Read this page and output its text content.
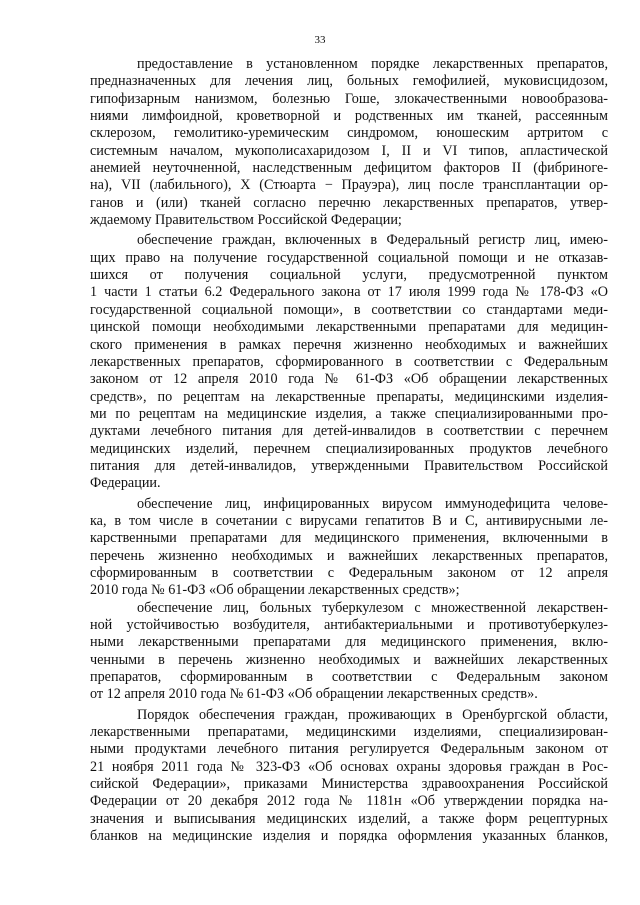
33
предоставление в установленном порядке лекарственных препаратов,
предназначенных для лечения лиц, больных гемофилией, муковисцидозом,
гипофизарным нанизмом, болезнью Гоше, злокачественными новообразова-
ниями лимфоидной, кроветворной и родственных им тканей, рассеянным
склерозом, гемолитико-уремическим синдромом, юношеским артритом с
системным началом, мукополисахаридозом I, II и VI типов, апластической
анемией неуточненной, наследственным дефицитом факторов II (фибриноге-
на), VII (лабильного), X (Стюарта − Прауэра), лиц после трансплантации ор-
ганов и (или) тканей согласно перечню лекарственных препаратов, утвер-
ждаемому Правительством Российской Федерации;
обеспечение граждан, включенных в Федеральный регистр лиц, имею-
щих право на получение государственной социальной помощи и не отказав-
шихся от получения социальной услуги, предусмотренной пунктом
1 части 1 статьи 6.2 Федерального закона от 17 июля 1999 года № 178-ФЗ «О
государственной социальной помощи», в соответствии со стандартами меди-
цинской помощи необходимыми лекарственными препаратами для медицин-
ского применения в рамках перечня жизненно необходимых и важнейших
лекарственных препаратов, сформированного в соответствии с Федеральным
законом от 12 апреля 2010 года № 61-ФЗ «Об обращении лекарственных
средств», по рецептам на лекарственные препараты, медицинскими изделия-
ми по рецептам на медицинские изделия, а также специализированными про-
дуктами лечебного питания для детей-инвалидов в соответствии с перечнем
медицинских изделий, перечнем специализированных продуктов лечебного
питания для детей-инвалидов, утвержденными Правительством Российской
Федерации.
обеспечение лиц, инфицированных вирусом иммунодефицита челове-
ка, в том числе в сочетании с вирусами гепатитов B и C, антивирусными ле-
карственными препаратами для медицинского применения, включенными в
перечень жизненно необходимых и важнейших лекарственных препаратов,
сформированным в соответствии с Федеральным законом от 12 апреля
2010 года № 61-ФЗ «Об обращении лекарственных средств»;
обеспечение лиц, больных туберкулезом с множественной лекарствен-
ной устойчивостью возбудителя, антибактериальными и противотуберкулез-
ными лекарственными препаратами для медицинского применения, вклю-
ченными в перечень жизненно необходимых и важнейших лекарственных
препаратов, сформированным в соответствии с Федеральным законом
от 12 апреля 2010 года № 61-ФЗ «Об обращении лекарственных средств».
Порядок обеспечения граждан, проживающих в Оренбургской области,
лекарственными препаратами, медицинскими изделиями, специализирован-
ными продуктами лечебного питания регулируется Федеральным законом от
21 ноября 2011 года № 323-ФЗ «Об основах охраны здоровья граждан в Рос-
сийской Федерации», приказами Министерства здравоохранения Российской
Федерации от 20 декабря 2012 года № 1181н «Об утверждении порядка на-
значения и выписывания медицинских изделий, а также форм рецептурных
бланков на медицинские изделия и порядка оформления указанных бланков,
